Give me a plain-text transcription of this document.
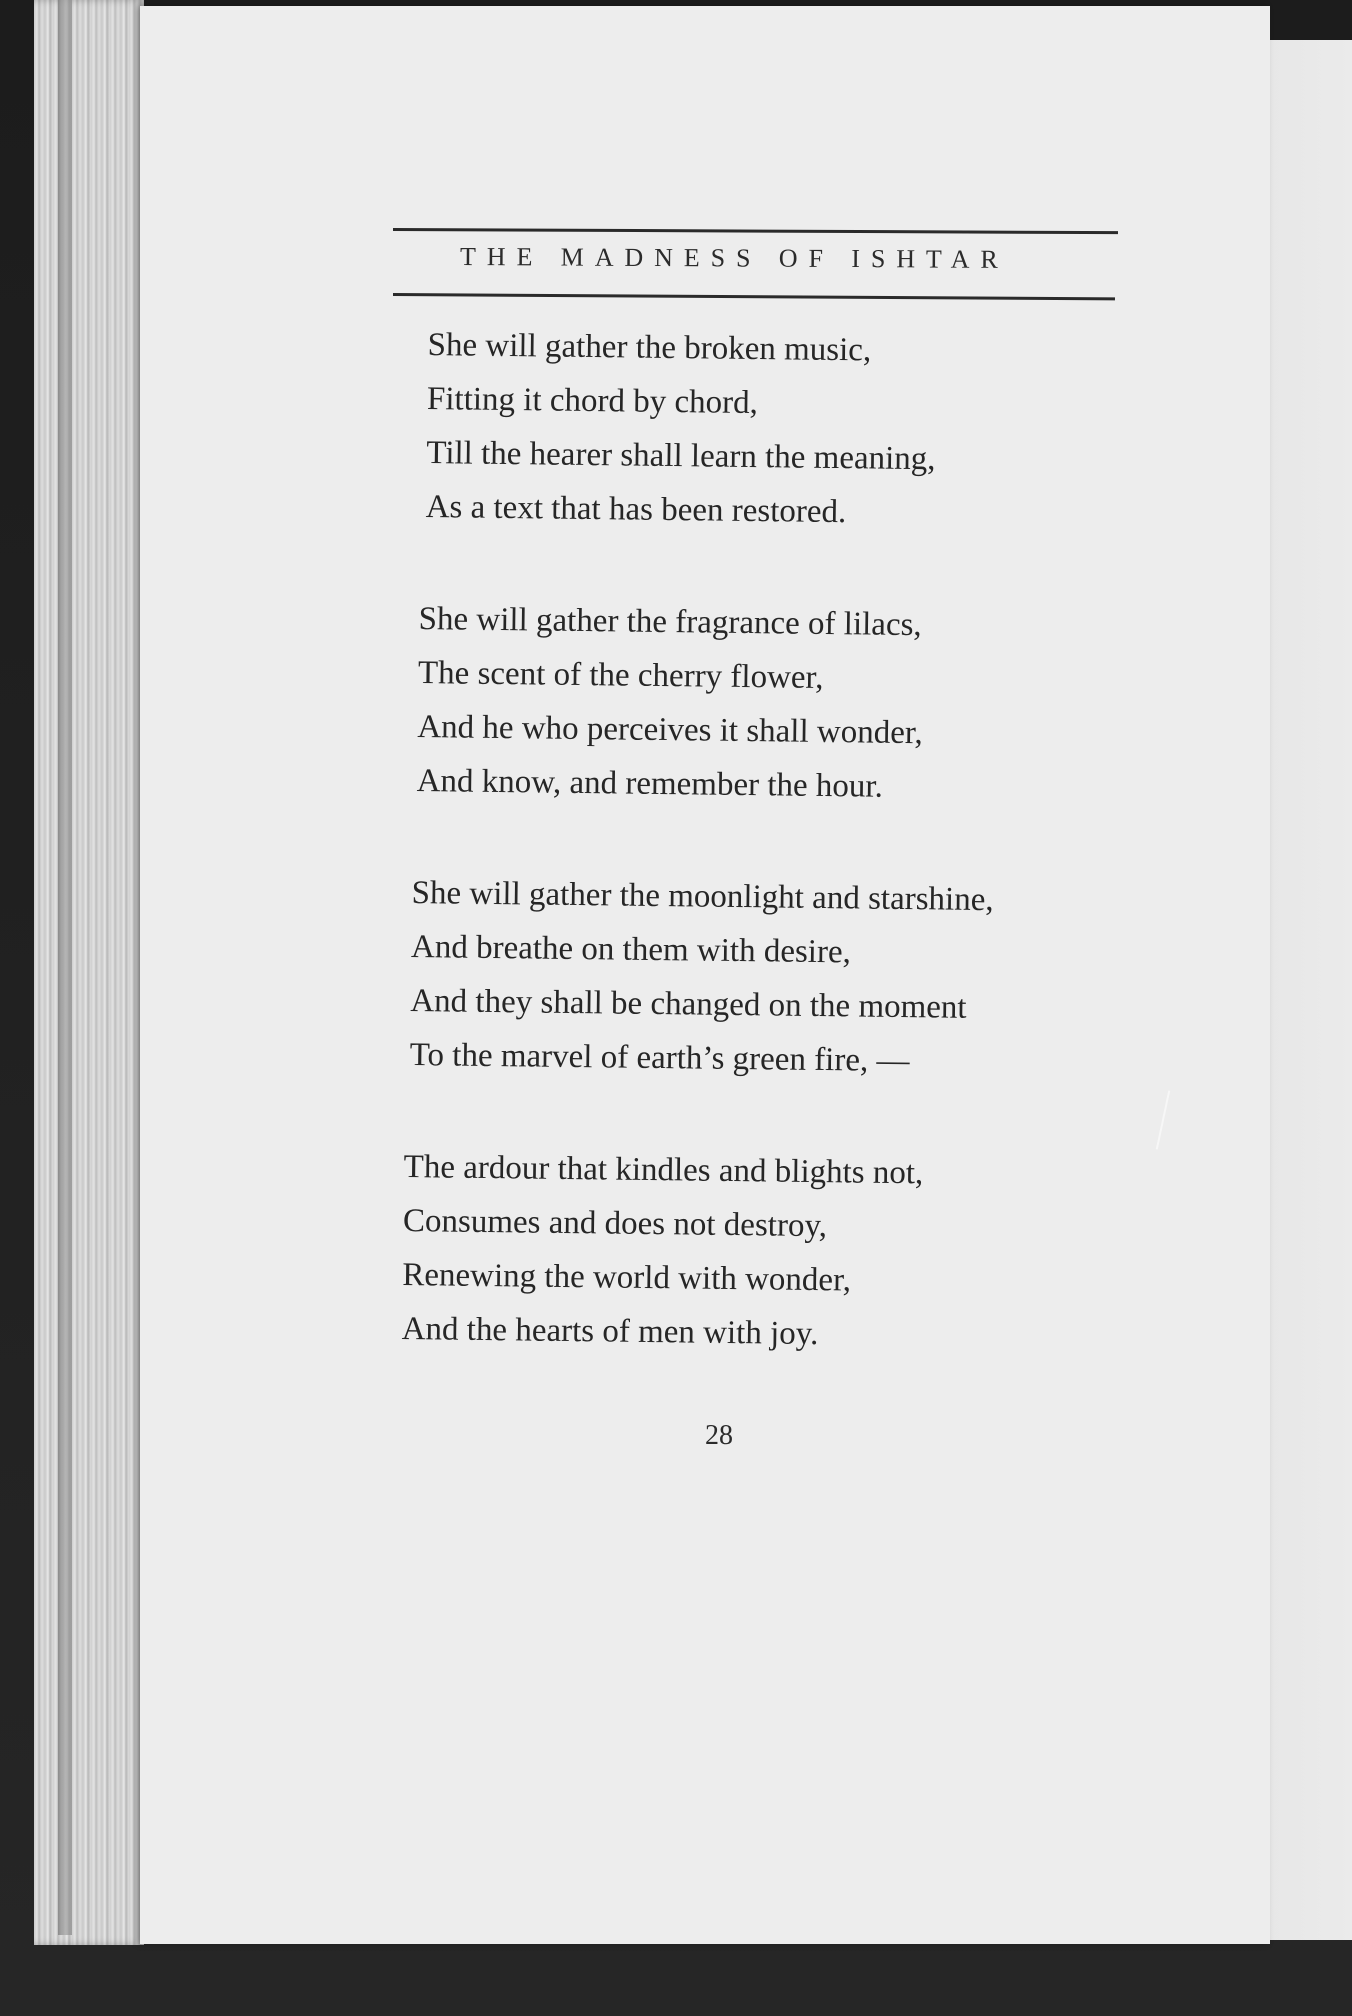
THE MADNESS OF ISHTAR
She will gather the broken music,
Fitting it chord by chord,
Till the hearer shall learn the meaning,
As a text that has been restored.
She will gather the fragrance of lilacs,
The scent of the cherry flower,
And he who perceives it shall wonder,
And know, and remember the hour.
She will gather the moonlight and starshine,
And breathe on them with desire,
And they shall be changed on the moment
To the marvel of earth’s green fire, —
The ardour that kindles and blights not,
Consumes and does not destroy,
Renewing the world with wonder,
And the hearts of men with joy.
28
